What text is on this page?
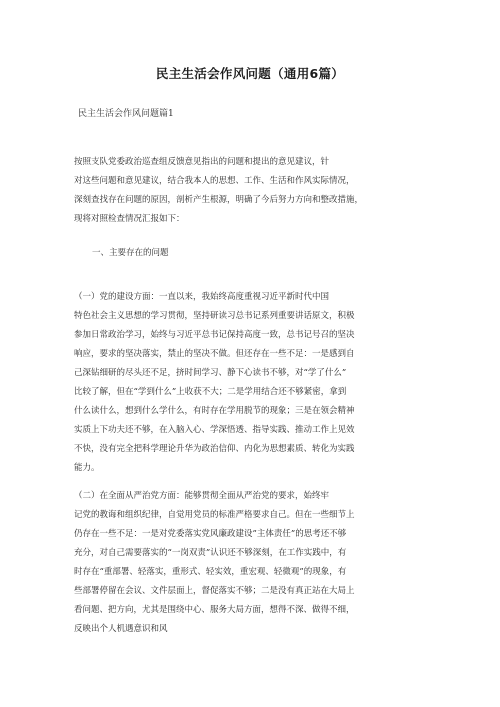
民主生活会作风问题（通用6篇）
民主生活会作风问题篇1
按照支队党委政治巡查组反馈意见指出的问题和提出的意见建议，针
对这些问题和意见建议，结合我本人的思想、工作、生活和作风实际情况，
深刻查找存在问题的原因，剖析产生根源，明确了今后努力方向和整改措施，
现将对照检查情况汇报如下：
一、主要存在的问题
（一）党的建设方面：一直以来，我始终高度重视习近平新时代中国
特色社会主义思想的学习贯彻，坚持研读习总书记系列重要讲话原文，积极
参加日常政治学习，始终与习近平总书记保持高度一致，总书记号召的坚决
响应，要求的坚决落实，禁止的坚决不做。但还存在一些不足：一是感到自
己深钻细研的尽头还不足，挤时间学习、静下心读书不够，对“学了什么”
比较了解，但在“学到什么”上收获不大；二是学用结合还不够紧密，拿到
什么读什么，想到什么学什么，有时存在学用脱节的现象；三是在领会精神
实质上下功夫还不够，在入脑入心、学深悟透、指导实践、推动工作上见效
不快，没有完全把科学理论升华为政治信仰、内化为思想素质、转化为实践
能力。
（二）在全面从严治党方面：能够贯彻全面从严治党的要求，始终牢
记党的教诲和组织纪律，自觉用党员的标准严格要求自己。但在一些细节上
仍存在一些不足：一是对党委落实党风廉政建设”主体责任”的思考还不够
充分，对自己需要落实的“一岗双责”认识还不够深刻，在工作实践中，有
时存在“重部署、轻落实，重形式、轻实效，重宏观、轻微观”的现象，有
些部署停留在会议、文件层面上，督促落实不够；二是没有真正站在大局上
看问题、把方向，尤其是围绕中心、服务大局方面，想得不深、做得不细，
反映出个人机遇意识和风
